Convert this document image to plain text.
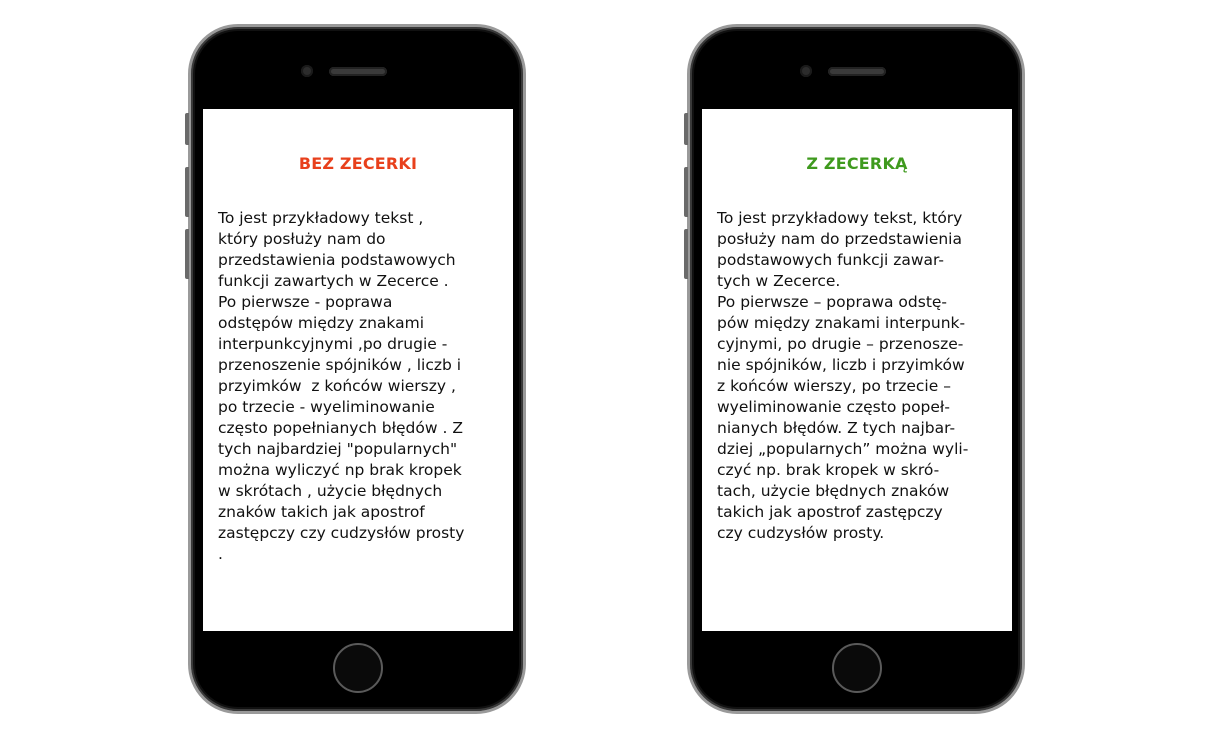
BEZ ZECERKI

To jest przykładowy tekst ,
który posłuży nam do
przedstawienia podstawowych
funkcji zawartych w Zecerce .
Po pierwsze - poprawa
odstępów między znakami
interpunkcyjnymi ,po drugie -
przenoszenie spójników , liczb i
przyimków  z końców wierszy ,
po trzecie - wyeliminowanie
często popełnianych błędów . Z
tych najbardziej "popularnych"
można wyliczyć np brak kropek
w skrótach , użycie błędnych
znaków takich jak apostrof
zastępczy czy cudzysłów prosty
.

Z ZECERKĄ

To jest przykładowy tekst, który
posłuży nam do przedstawienia
podstawowych funkcji zawar-
tych w Zecerce.
Po pierwsze – poprawa odstę-
pów między znakami interpunk-
cyjnymi, po drugie – przenosze-
nie spójników, liczb i przyimków
z końców wierszy, po trzecie –
wyeliminowanie często popeł-
nianych błędów. Z tych najbar-
dziej „popularnych” można wyli-
czyć np. brak kropek w skró-
tach, użycie błędnych znaków
takich jak apostrof zastępczy
czy cudzysłów prosty.
